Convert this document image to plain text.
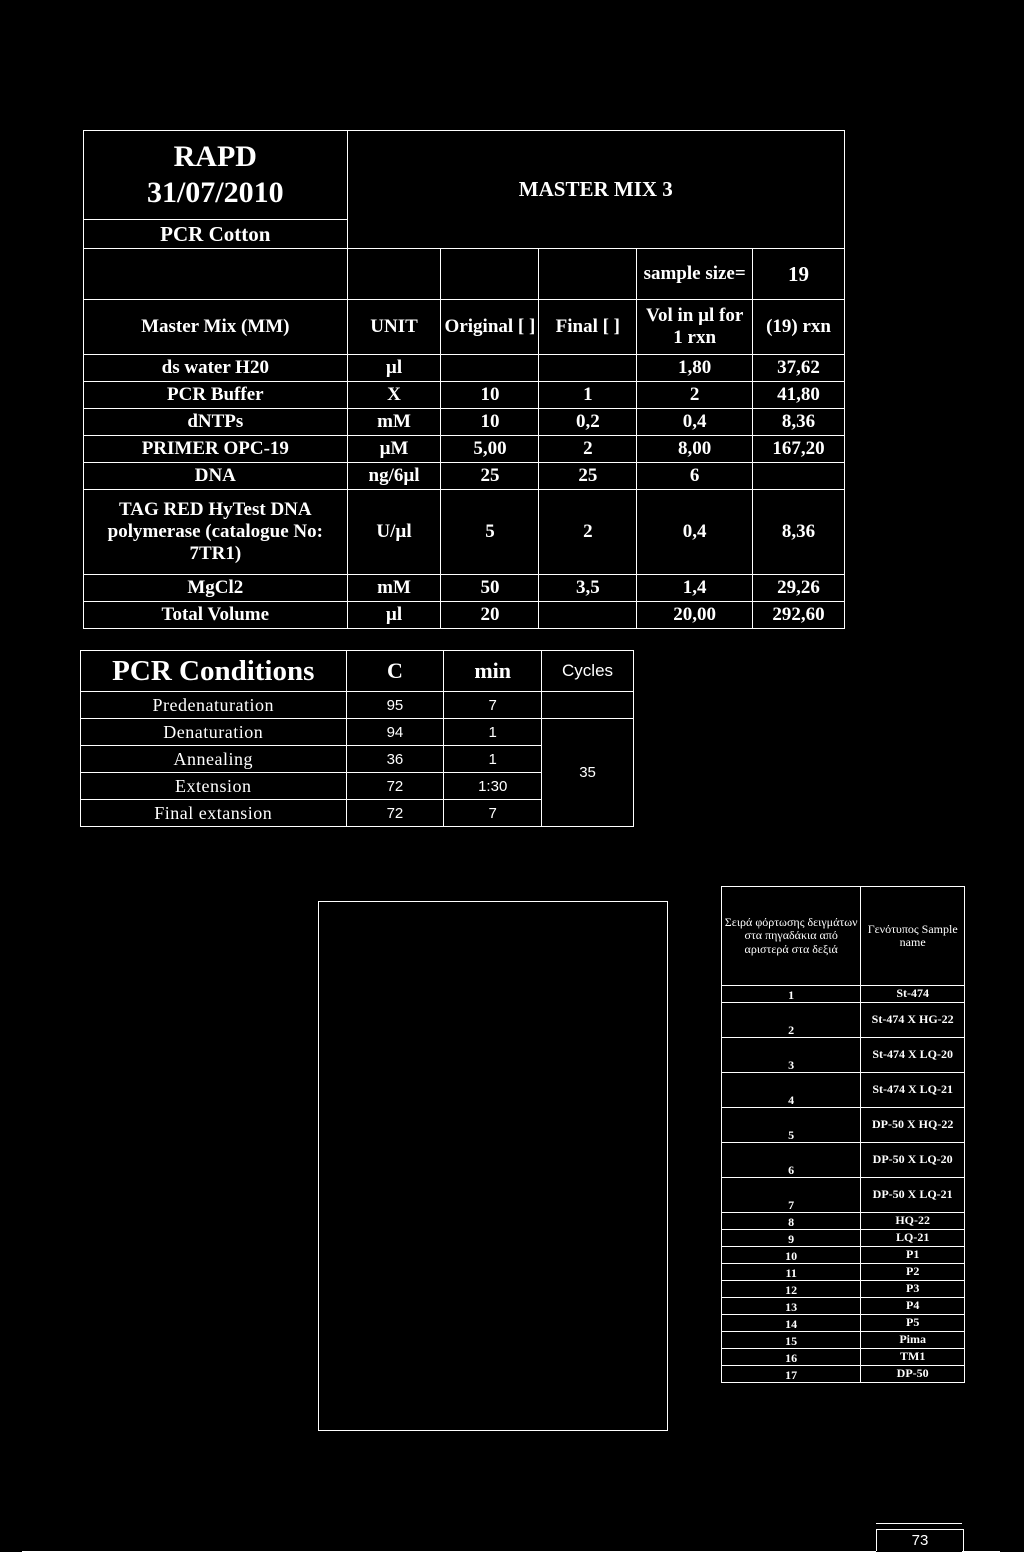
RAPD
31/07/2010	MASTER MIX 3				
PCR Cotton					
				sample size=	19
Master Mix (MM)	UNIT	Original [ ]	Final [ ]	Vol in µl for 1 rxn	(19) rxn
ds water H20	µl			1,80	37,62
PCR Buffer	X	10	1	2	41,80
dNTPs	mM	10	0,2	0,4	8,36
PRIMER OPC-19	µM	5,00	2	8,00	167,20
DNA	ng/6µl	25	25	6	
TAG RED HyTest DNA polymerase (catalogue No: 7TR1)	U/µl	5	2	0,4	8,36
MgCl2	mM	50	3,5	1,4	29,26
Total Volume	µl	20		20,00	292,60
PCR Conditions	C	min	Cycles
Predenaturation	95	7	
Denaturation	94	1	35
Annealing	36	1	
Extension	72	1:30	
Final extansion	72	7	
Σειρά φόρτωσης δειγμάτων στα πηγαδάκια από αριστερά στα δεξιά	Γενότυπος Sample name
1	St-474
2	St-474 X HG-22
3	St-474 X LQ-20
4	St-474 X LQ-21
5	DP-50 X HQ-22
6	DP-50 X LQ-20
7	DP-50 X LQ-21
8	HQ-22
9	LQ-21
10	P1
11	P2
12	P3
13	P4
14	P5
15	Pima
16	TM1
17	DP-50
73
